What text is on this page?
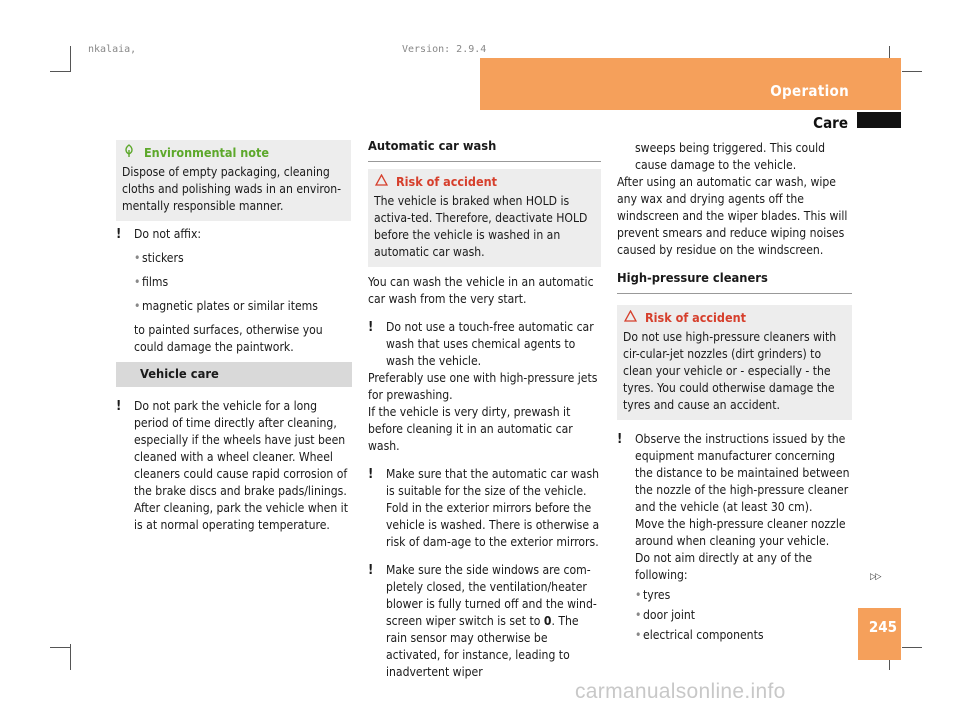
nkalaia,	Version: 2.9.4
Operation
Care
Environmental note

Dispose of empty packaging, cleaning cloths and polishing wads in an environ-mentally responsible manner.

! Do not affix:

• stickers
• films
• magnetic plates or similar items

to painted surfaces, otherwise you could damage the paintwork.

Vehicle care
! Do not park the vehicle for a long period of time directly after cleaning, especially if the wheels have just been cleaned with a wheel cleaner. Wheel cleaners could cause rapid corrosion of the brake discs and brake pads/linings. After cleaning, park the vehicle when it is at normal operating temperature.

Automatic car wash
Risk of accident

The vehicle is braked when HOLD is activa-ted. Therefore, deactivate HOLD before the vehicle is washed in an automatic car wash.

You can wash the vehicle in an automatic car wash from the very start.

! Do not use a touch-free automatic car wash that uses chemical agents to wash the vehicle.

Preferably use one with high-pressure jets for prewashing.

If the vehicle is very dirty, prewash it before cleaning it in an automatic car wash.

! Make sure that the automatic car wash is suitable for the size of the vehicle. Fold in the exterior mirrors before the vehicle is washed. There is otherwise a risk of dam-age to the exterior mirrors.

! Make sure the side windows are com-pletely closed, the ventilation/heater blower is fully turned off and the wind-screen wiper switch is set to 0. The rain sensor may otherwise be activated, for instance, leading to inadvertent wiper

sweeps being triggered. This could cause damage to the vehicle.

After using an automatic car wash, wipe any wax and drying agents off the windscreen and the wiper blades. This will prevent smears and reduce wiping noises caused by residue on the windscreen.

High-pressure cleaners
Risk of accident

Do not use high-pressure cleaners with cir-cular-jet nozzles (dirt grinders) to clean your vehicle or - especially - the tyres. You could otherwise damage the tyres and cause an accident.

! Observe the instructions issued by the equipment manufacturer concerning the distance to be maintained between the nozzle of the high-pressure cleaner and the vehicle (at least 30 cm).

Move the high-pressure cleaner nozzle around when cleaning your vehicle.

Do not aim directly at any of the following:

• tyres
• door joint
• electrical components
▷▷
245
carmanualsonline.info
